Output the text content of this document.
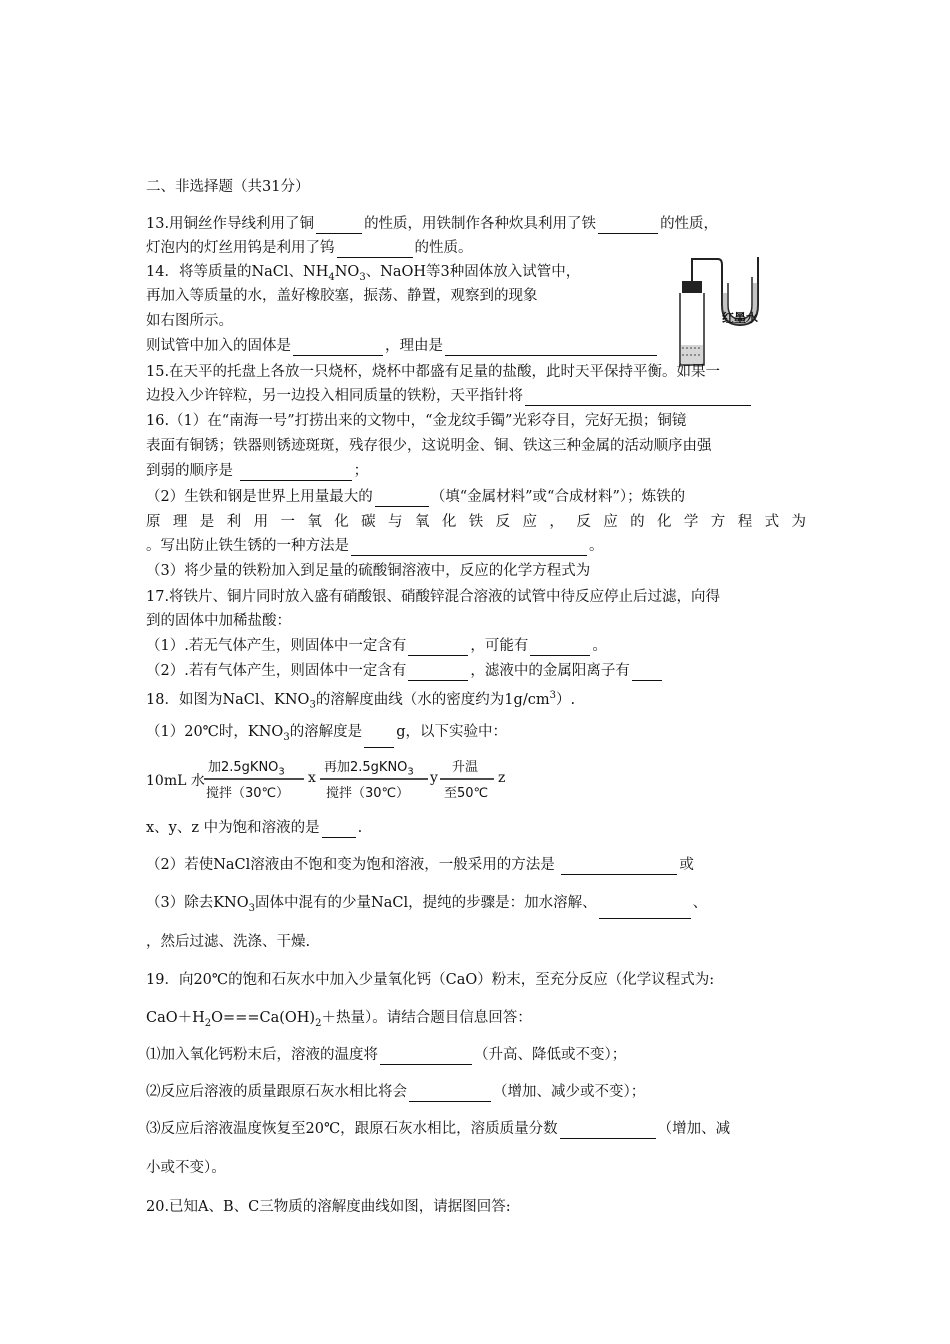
二、非选择题（共31分）
13.用铜丝作导线利用了铜	的性质，用铁制作各种炊具利用了铁	的性质，
灯泡内的灯丝用钨是利用了钨	的性质。
14．将等质量的NaCl、$NH_4NO_3$、NaOH等3种固体放入试管中，
再加入等质量的水，盖好橡胶塞，振荡、静置，观察到的现象
如右图所示。
则试管中加入的固体是	，理由是
红墨水
15.在天平的托盘上各放一只烧杯，烧杯中都盛有足量的盐酸，此时天平保持平衡。如果一
边投入少许锌粒，另一边投入相同质量的铁粉，天平指针将
16.（1）在“南海一号”打捞出来的文物中，“金龙纹手镯”光彩夺目，完好无损；铜镜
表面有铜锈；铁器则锈迹斑斑，残存很少，这说明金、铜、铁这三种金属的活动顺序由强
到弱的顺序是	；
（2）生铁和钢是世界上用量最大的	（填“金属材料”或“合成材料”）；炼铁的
原理是利用一氧化碳与氧化铁反应，反应的化学方程式为
。写出防止铁生锈的一种方法是	。
（3）将少量的铁粉加入到足量的硫酸铜溶液中，反应的化学方程式为
17.将铁片、铜片同时放入盛有硝酸银、硝酸锌混合溶液的试管中待反应停止后过滤，向得
到的固体中加稀盐酸：
（1）.若无气体产生，则固体中一定含有	，可能有	。
（2）.若有气体产生，则固体中一定含有	，滤液中的金属阳离子有
18．如图为NaCl、$KNO_3$的溶解度曲线（水的密度约为$1g/cm^3$）.
（1）20℃时，$KNO_3$的溶解度是 g，以下实验中：
10mL 水
加2.5gKNO$_3$
搅拌（30℃）
x
再加2.5gKNO$_3$
搅拌（30℃）
y
升温
至50℃
z
x、y、z 中为饱和溶液的是	.
（2）若使NaCl溶液由不饱和变为饱和溶液，一般采用的方法是	或
（3）除去$KNO_3$固体中混有的少量NaCl，提纯的步骤是：加水溶解、	、
，然后过滤、洗涤、干燥.
19．向20℃的饱和石灰水中加入少量氧化钙（CaO）粉末，至充分反应（化学议程式为:
$CaO+H_2O===Ca(OH)_2+$热量）。请结合题目信息回答：
⑴加入氧化钙粉末后，溶液的温度将	（升高、降低或不变）；
⑵反应后溶液的质量跟原石灰水相比将会	（增加、减少或不变）；
⑶反应后溶液温度恢复至20℃，跟原石灰水相比，溶质质量分数	（增加、减
小或不变）。
20.已知A、B、C三物质的溶解度曲线如图，请据图回答:
